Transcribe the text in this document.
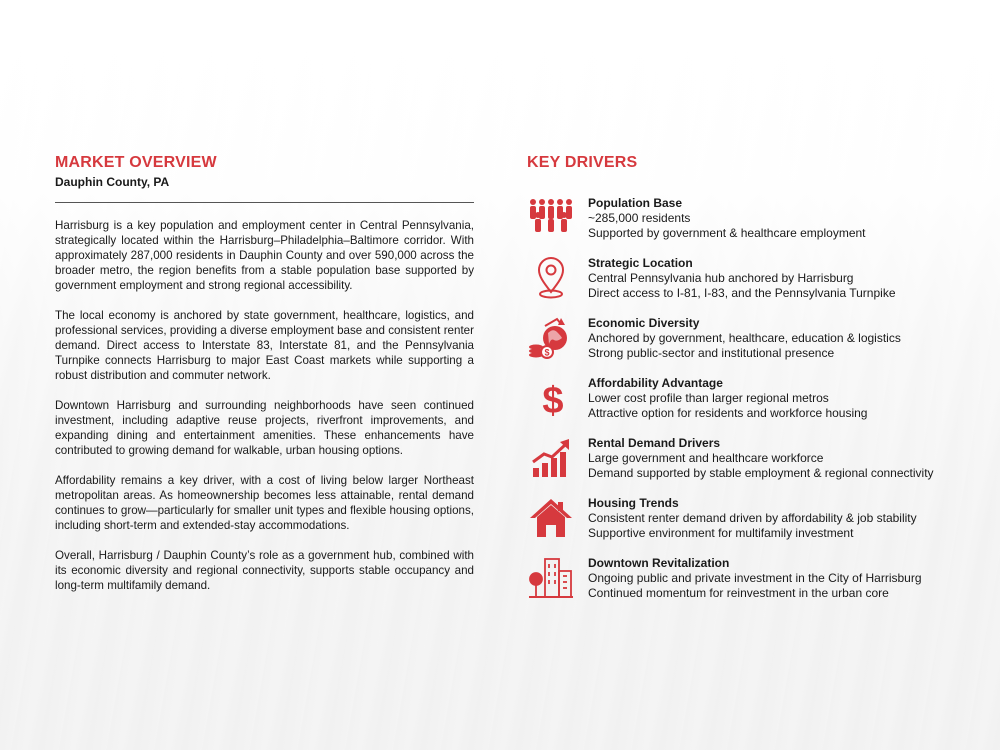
MARKET OVERVIEW
Dauphin County, PA

Harrisburg is a key population and employment center in Central Pennsylvania, strategically located within the Harrisburg–Philadelphia–Baltimore corridor. With approximately 287,000 residents in Dauphin County and over 590,000 across the broader metro, the region benefits from a stable population base supported by government employment and strong regional accessibility.

The local economy is anchored by state government, healthcare, logistics, and professional services, providing a diverse employment base and consistent renter demand. Direct access to Interstate 83, Interstate 81, and the Pennsylvania Turnpike connects Harrisburg to major East Coast markets while supporting a robust distribution and commuter network.

Downtown Harrisburg and surrounding neighborhoods have seen continued investment, including adaptive reuse projects, riverfront improvements, and expanding dining and entertainment amenities. These enhancements have contributed to growing demand for walkable, urban housing options.

Affordability remains a key driver, with a cost of living below larger Northeast metropolitan areas. As homeownership becomes less attainable, rental demand continues to grow—particularly for smaller unit types and flexible housing options, including short-term and extended-stay accommodations.

Overall, Harrisburg / Dauphin County’s role as a government hub, combined with its economic diversity and regional connectivity, supports stable occupancy and long-term multifamily demand.

KEY DRIVERS

Population Base

~285,000 residents

Supported by government & healthcare employment

Strategic Location

Central Pennsylvania hub anchored by Harrisburg

Direct access to I-81, I-83, and the Pennsylvania Turnpike

$

Economic Diversity

Anchored by government, healthcare, education & logistics

Strong public-sector and institutional presence

$ Affordability Advantage

Lower cost profile than larger regional metros

Attractive option for residents and workforce housing

Rental Demand Drivers

Large government and healthcare workforce

Demand supported by stable employment & regional connectivity

Housing Trends

Consistent renter demand driven by affordability & job stability

Supportive environment for multifamily investment

Downtown Revitalization

Ongoing public and private investment in the City of Harrisburg

Continued momentum for reinvestment in the urban core
